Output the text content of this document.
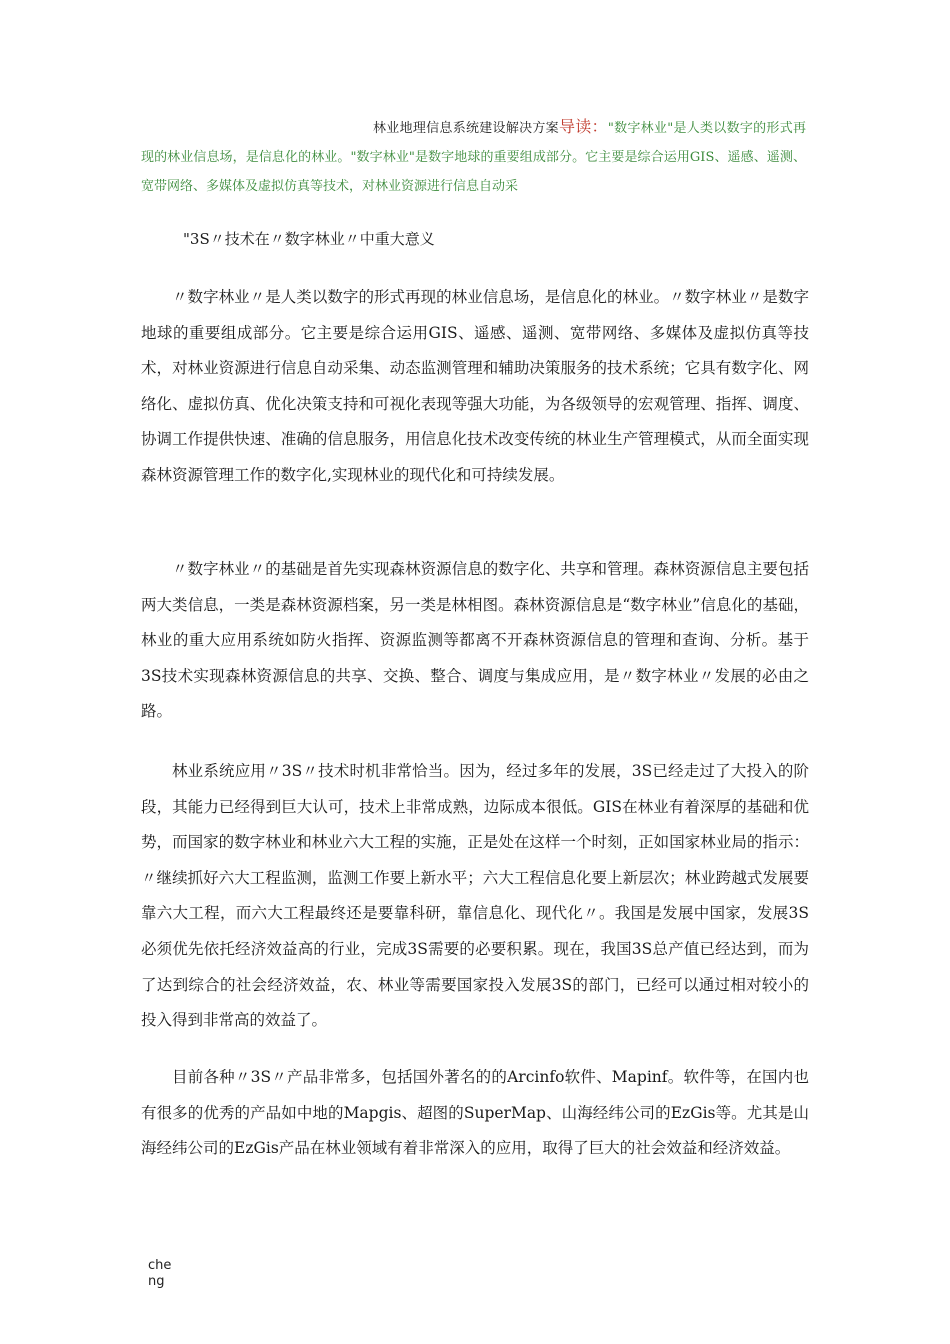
林业地理信息系统建设解决方案导读："数字林业"是人类以数字的形式再现的林业信息场，是信息化的林业。"数字林业"是数字地球的重要组成部分。它主要是综合运用GIS、遥感、遥测、宽带网络、多媒体及虚拟仿真等技术，对林业资源进行信息自动采
"3S〃技术在〃数字林业〃中重大意义

〃数字林业〃是人类以数字的形式再现的林业信息场，是信息化的林业。〃数字林业〃是数字地球的重要组成部分。它主要是综合运用GIS、遥感、遥测、宽带网络、多媒体及虚拟仿真等技术，对林业资源进行信息自动采集、动态监测管理和辅助决策服务的技术系统；它具有数字化、网络化、虚拟仿真、优化决策支持和可视化表现等强大功能，为各级领导的宏观管理、指挥、调度、协调工作提供快速、准确的信息服务，用信息化技术改变传统的林业生产管理模式，从而全面实现森林资源管理工作的数字化,实现林业的现代化和可持续发展。

〃数字林业〃的基础是首先实现森林资源信息的数字化、共享和管理。森林资源信息主要包括两大类信息，一类是森林资源档案，另一类是林相图。森林资源信息是“数字林业”信息化的基础，林业的重大应用系统如防火指挥、资源监测等都离不开森林资源信息的管理和查询、分析。基于3S技术实现森林资源信息的共享、交换、整合、调度与集成应用，是〃数字林业〃发展的必由之路。

林业系统应用〃3S〃技术时机非常恰当。因为，经过多年的发展，3S已经走过了大投入的阶段，其能力已经得到巨大认可，技术上非常成熟，边际成本很低。GIS在林业有着深厚的基础和优势，而国家的数字林业和林业六大工程的实施，正是处在这样一个时刻，正如国家林业局的指示：〃继续抓好六大工程监测，监测工作要上新水平；六大工程信息化要上新层次；林业跨越式发展要靠六大工程，而六大工程最终还是要靠科研，靠信息化、现代化〃。我国是发展中国家，发展3S必须优先依托经济效益高的行业，完成3S需要的必要积累。现在，我国3S总产值已经达到，而为了达到综合的社会经济效益，农、林业等需要国家投入发展3S的部门，已经可以通过相对较小的投入得到非常高的效益了。

目前各种〃3S〃产品非常多，包括国外著名的的Arcinfo软件、Mapinf。软件等，在国内也有很多的优秀的产品如中地的Mapgis、超图的SuperMap、山海经纬公司的EzGis等。尤其是山海经纬公司的EzGis产品在林业领域有着非常深入的应用，取得了巨大的社会效益和经济效益。

cheng
